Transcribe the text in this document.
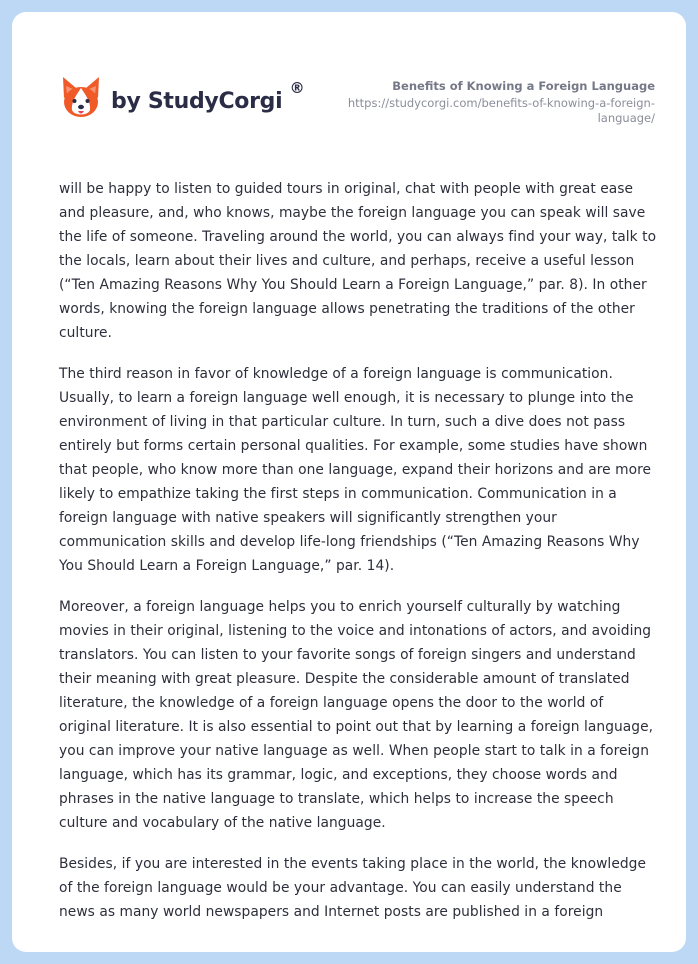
by StudyCorgi
®	Benefits of Knowing a Foreign Language
https://studycorgi.com/benefits-of-knowing-a-foreign-language/

will be happy to listen to guided tours in original, chat with people with great ease and pleasure, and, who knows, maybe the foreign language you can speak will save the life of someone. Traveling around the world, you can always find your way, talk to the locals, learn about their lives and culture, and perhaps, receive a useful lesson (“Ten Amazing Reasons Why You Should Learn a Foreign Language,” par. 8). In other words, knowing the foreign language allows penetrating the traditions of the other culture.

The third reason in favor of knowledge of a foreign language is communication. Usually, to learn a foreign language well enough, it is necessary to plunge into the environment of living in that particular culture. In turn, such a dive does not pass entirely but forms certain personal qualities. For example, some studies have shown that people, who know more than one language, expand their horizons and are more likely to empathize taking the first steps in communication. Communication in a foreign language with native speakers will significantly strengthen your communication skills and develop life-long friendships (“Ten Amazing Reasons Why You Should Learn a Foreign Language,” par. 14).

Moreover, a foreign language helps you to enrich yourself culturally by watching movies in their original, listening to the voice and intonations of actors, and avoiding translators. You can listen to your favorite songs of foreign singers and understand their meaning with great pleasure. Despite the considerable amount of translated literature, the knowledge of a foreign language opens the door to the world of original literature. It is also essential to point out that by learning a foreign language, you can improve your native language as well. When people start to talk in a foreign language, which has its grammar, logic, and exceptions, they choose words and phrases in the native language to translate, which helps to increase the speech culture and vocabulary of the native language.

Besides, if you are interested in the events taking place in the world, the knowledge of the foreign language would be your advantage. You can easily understand the news as many world newspapers and Internet posts are published in a foreign
